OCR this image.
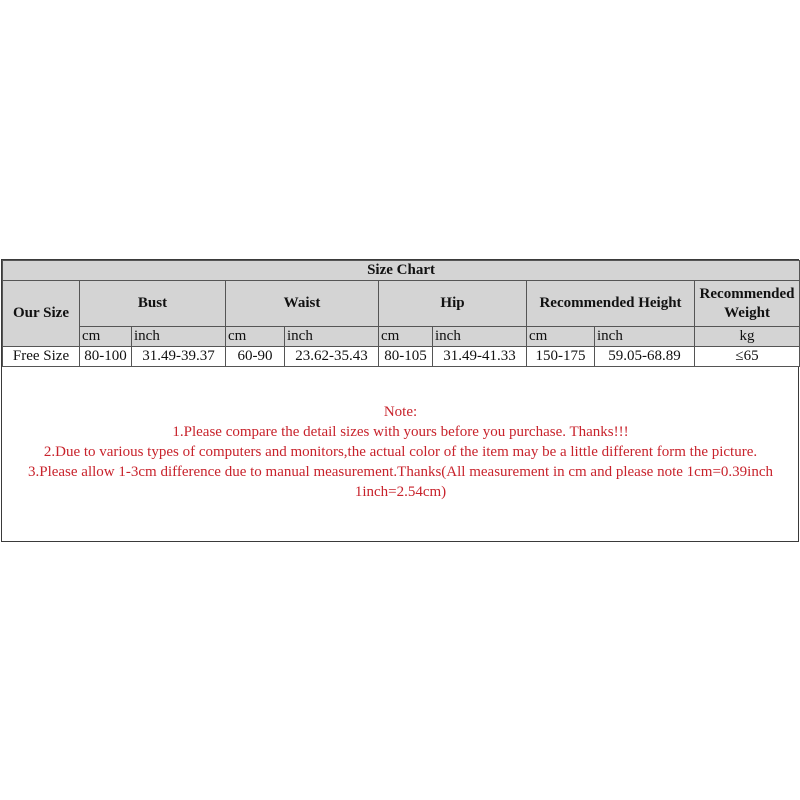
Size Chart									
Our Size	Bust		Waist		Hip		Recommended Height		Recommended
Weight

	cm	inch	cm	inch	cm	inch	cm	inch	kg
Free Size	80-100	31.49-39.37	60-90	23.62-35.43	80-105	31.49-41.33	150-175	59.05-68.89	≤65
Note:
1.Please compare the detail sizes with yours before you purchase. Thanks!!!
2.Due to various types of computers and monitors,the actual color of the item may be a little different form the picture.
3.Please allow 1-3cm difference due to manual measurement.Thanks(All measurement in cm and please note 1cm=0.39inch
1inch=2.54cm)
